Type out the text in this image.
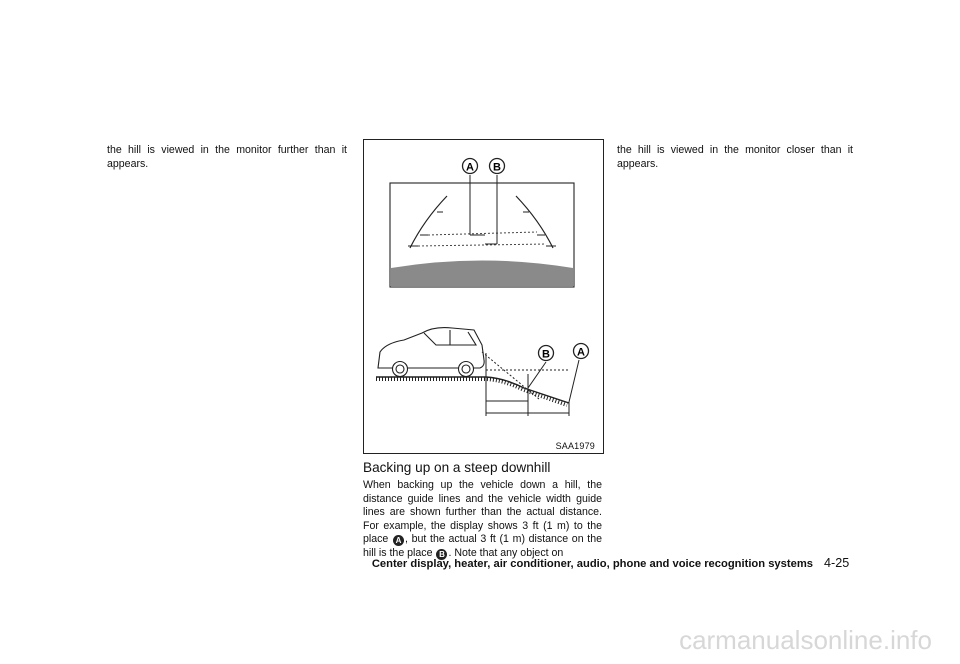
the hill is viewed in the monitor further than it appears.	A B
B A
SAA1979
Backing up on a steep downhill
When backing up the vehicle down a hill, the distance guide lines and the vehicle width guide lines are shown further than the actual distance. For example, the display shows 3 ft (1 m) to the place A , but the actual 3 ft (1 m) distance on the hill is the place B . Note that any object on
the hill is viewed in the monitor closer than it appears.
Center display, heater, air conditioner, audio, phone and voice recognition systems 4-25
carmanualsonline.info
